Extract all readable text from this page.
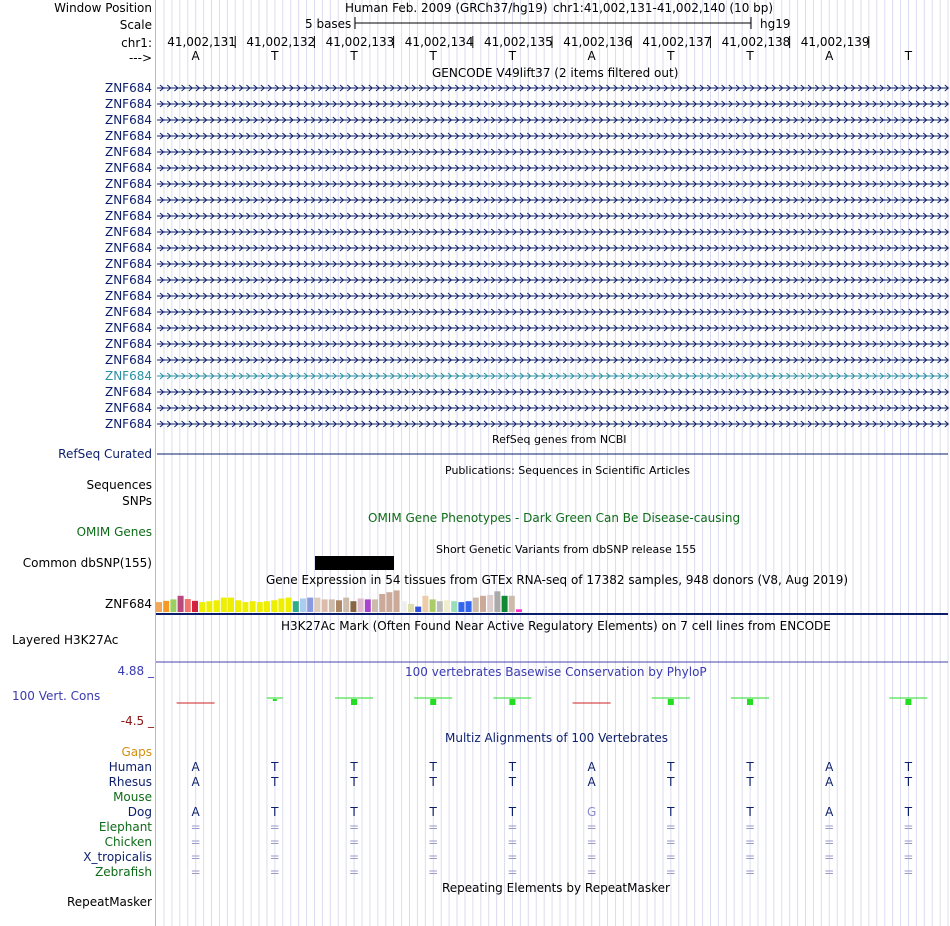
Window Position	Human Feb. 2009 (GRCh37/hg19) chr1:41,002,131-41,002,140 (10 bp)
Scale	5 bases	hg19
chr1:
--->
GENCODE V49lift37 (2 items filtered out)
RefSeq genes from NCBI
RefSeq Curated
Publications: Sequences in Scientific Articles
Sequences
SNPs
OMIM Gene Phenotypes - Dark Green Can Be Disease-causing
OMIM Genes
Short Genetic Variants from dbSNP release 155
Common dbSNP(155)
Gene Expression in 54 tissues from GTEx RNA-seq of 17382 samples, 948 donors (V8, Aug 2019)
ZNF684
H3K27Ac Mark (Often Found Near Active Regulatory Elements) on 7 cell lines from ENCODE
Layered H3K27Ac
100 vertebrates Basewise Conservation by PhyloP
4.88 _
100 Vert. Cons
-4.5 _
Multiz Alignments of 100 Vertebrates
Gaps
Repeating Elements by RepeatMasker
RepeatMasker
41,002,131 41,002,132 41,002,133 41,002,134 41,002,135 41,002,136 41,002,137 41,002,138 41,002,139
A	T	T	T	T	A	T	T	A	T
ZNF684
ZNF684
ZNF684
ZNF684
ZNF684
ZNF684
ZNF684
ZNF684
ZNF684
ZNF684
ZNF684
ZNF684
ZNF684
ZNF684
ZNF684
ZNF684
ZNF684
ZNF684
ZNF684
ZNF684
ZNF684
ZNF684
Human	A	T	T	T	T	A	T	T	A	T
Rhesus	A	T	T	T	T	A	T	T	A	T
Mouse
Dog	A	T	T	T	T	G	T	T	A	T
Elephant	=	=	=	=	=	=	=	=	=	=
Chicken	=	=	=	=	=	=	=	=	=	=
X_tropicalis	=	=	=	=	=	=	=	=	=	=
Zebrafish	=	=	=	=	=	=	=	=	=	=
